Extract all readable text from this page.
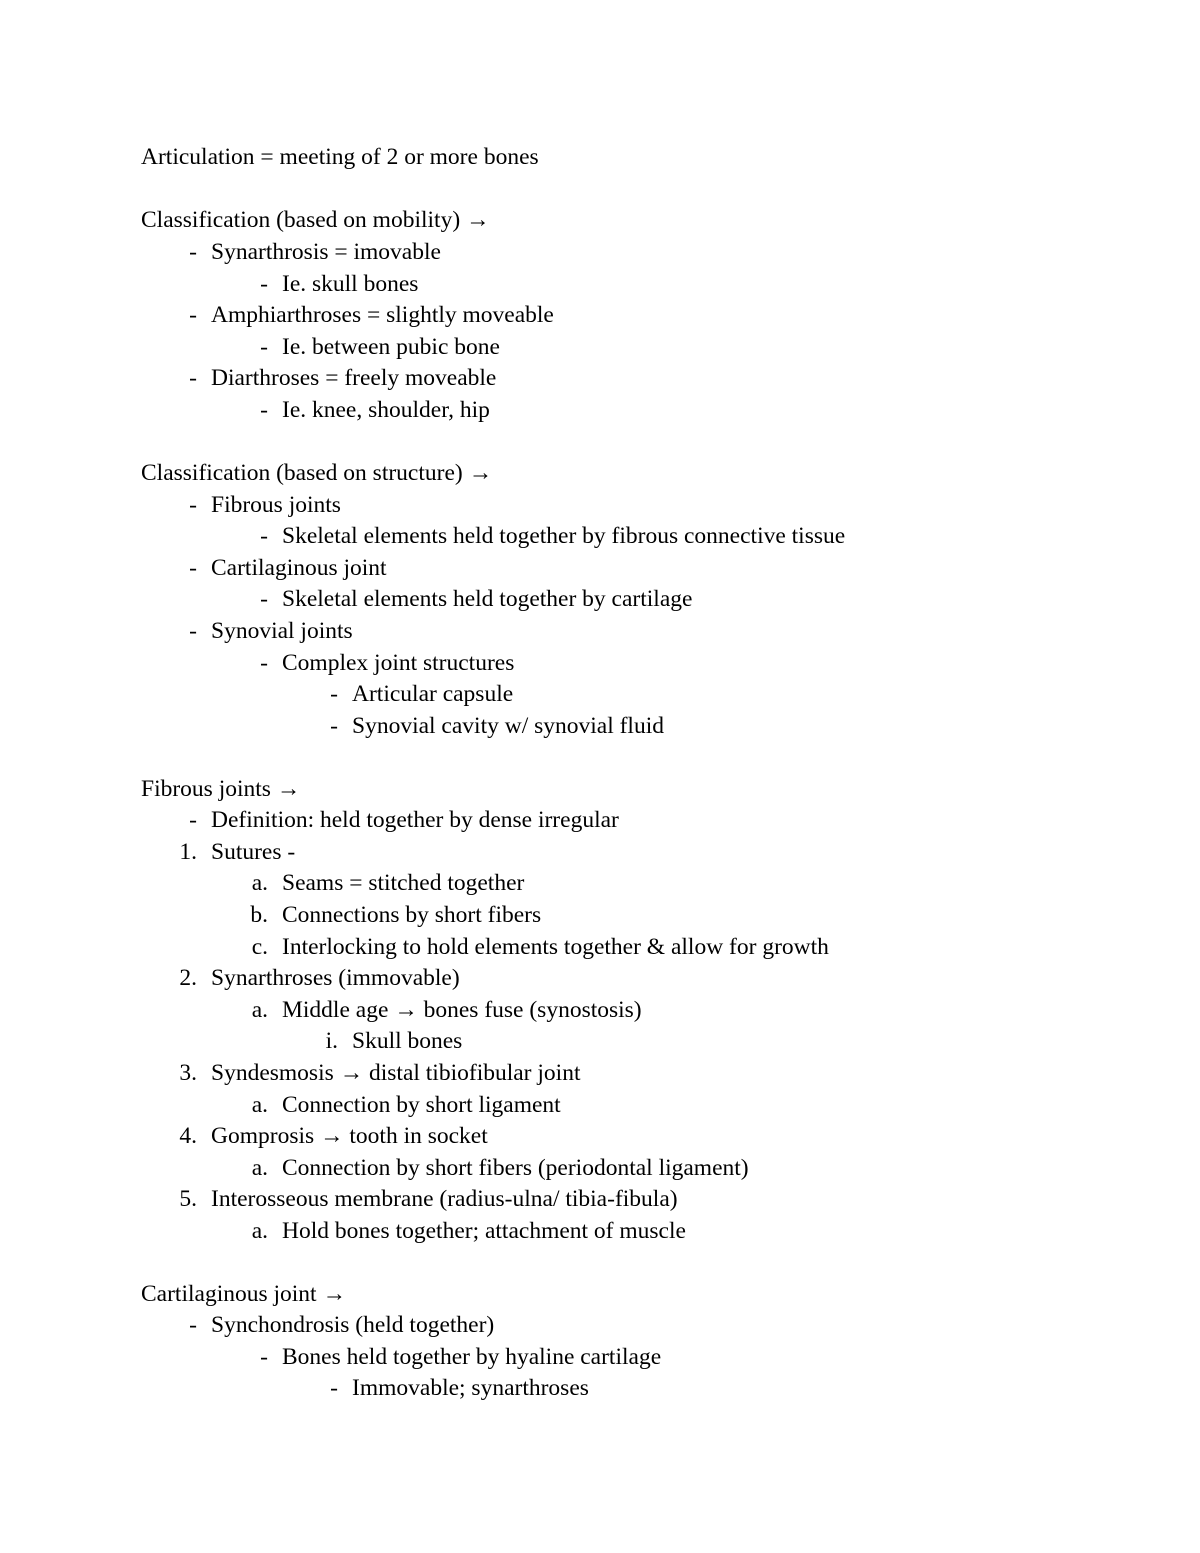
Articulation = meeting of 2 or more bones
Classification (based on mobility) →
- Synarthrosis = imovable
- Ie. skull bones
- Amphiarthroses = slightly moveable
- Ie. between pubic bone
- Diarthroses = freely moveable
- Ie. knee, shoulder, hip
Classification (based on structure) →
- Fibrous joints
- Skeletal elements held together by fibrous connective tissue
- Cartilaginous joint
- Skeletal elements held together by cartilage
- Synovial joints
- Complex joint structures
- Articular capsule
- Synovial cavity w/ synovial fluid
Fibrous joints →
- Definition: held together by dense irregular
1. Sutures -
a. Seams = stitched together
b. Connections by short fibers
c. Interlocking to hold elements together & allow for growth
2. Synarthroses (immovable)
a. Middle age → bones fuse (synostosis)
i. Skull bones
3. Syndesmosis → distal tibiofibular joint
a. Connection by short ligament
4. Gomprosis → tooth in socket
a. Connection by short fibers (periodontal ligament)
5. Interosseous membrane (radius-ulna/ tibia-fibula)
a. Hold bones together; attachment of muscle
Cartilaginous joint →
- Synchondrosis (held together)
- Bones held together by hyaline cartilage
- Immovable; synarthroses
